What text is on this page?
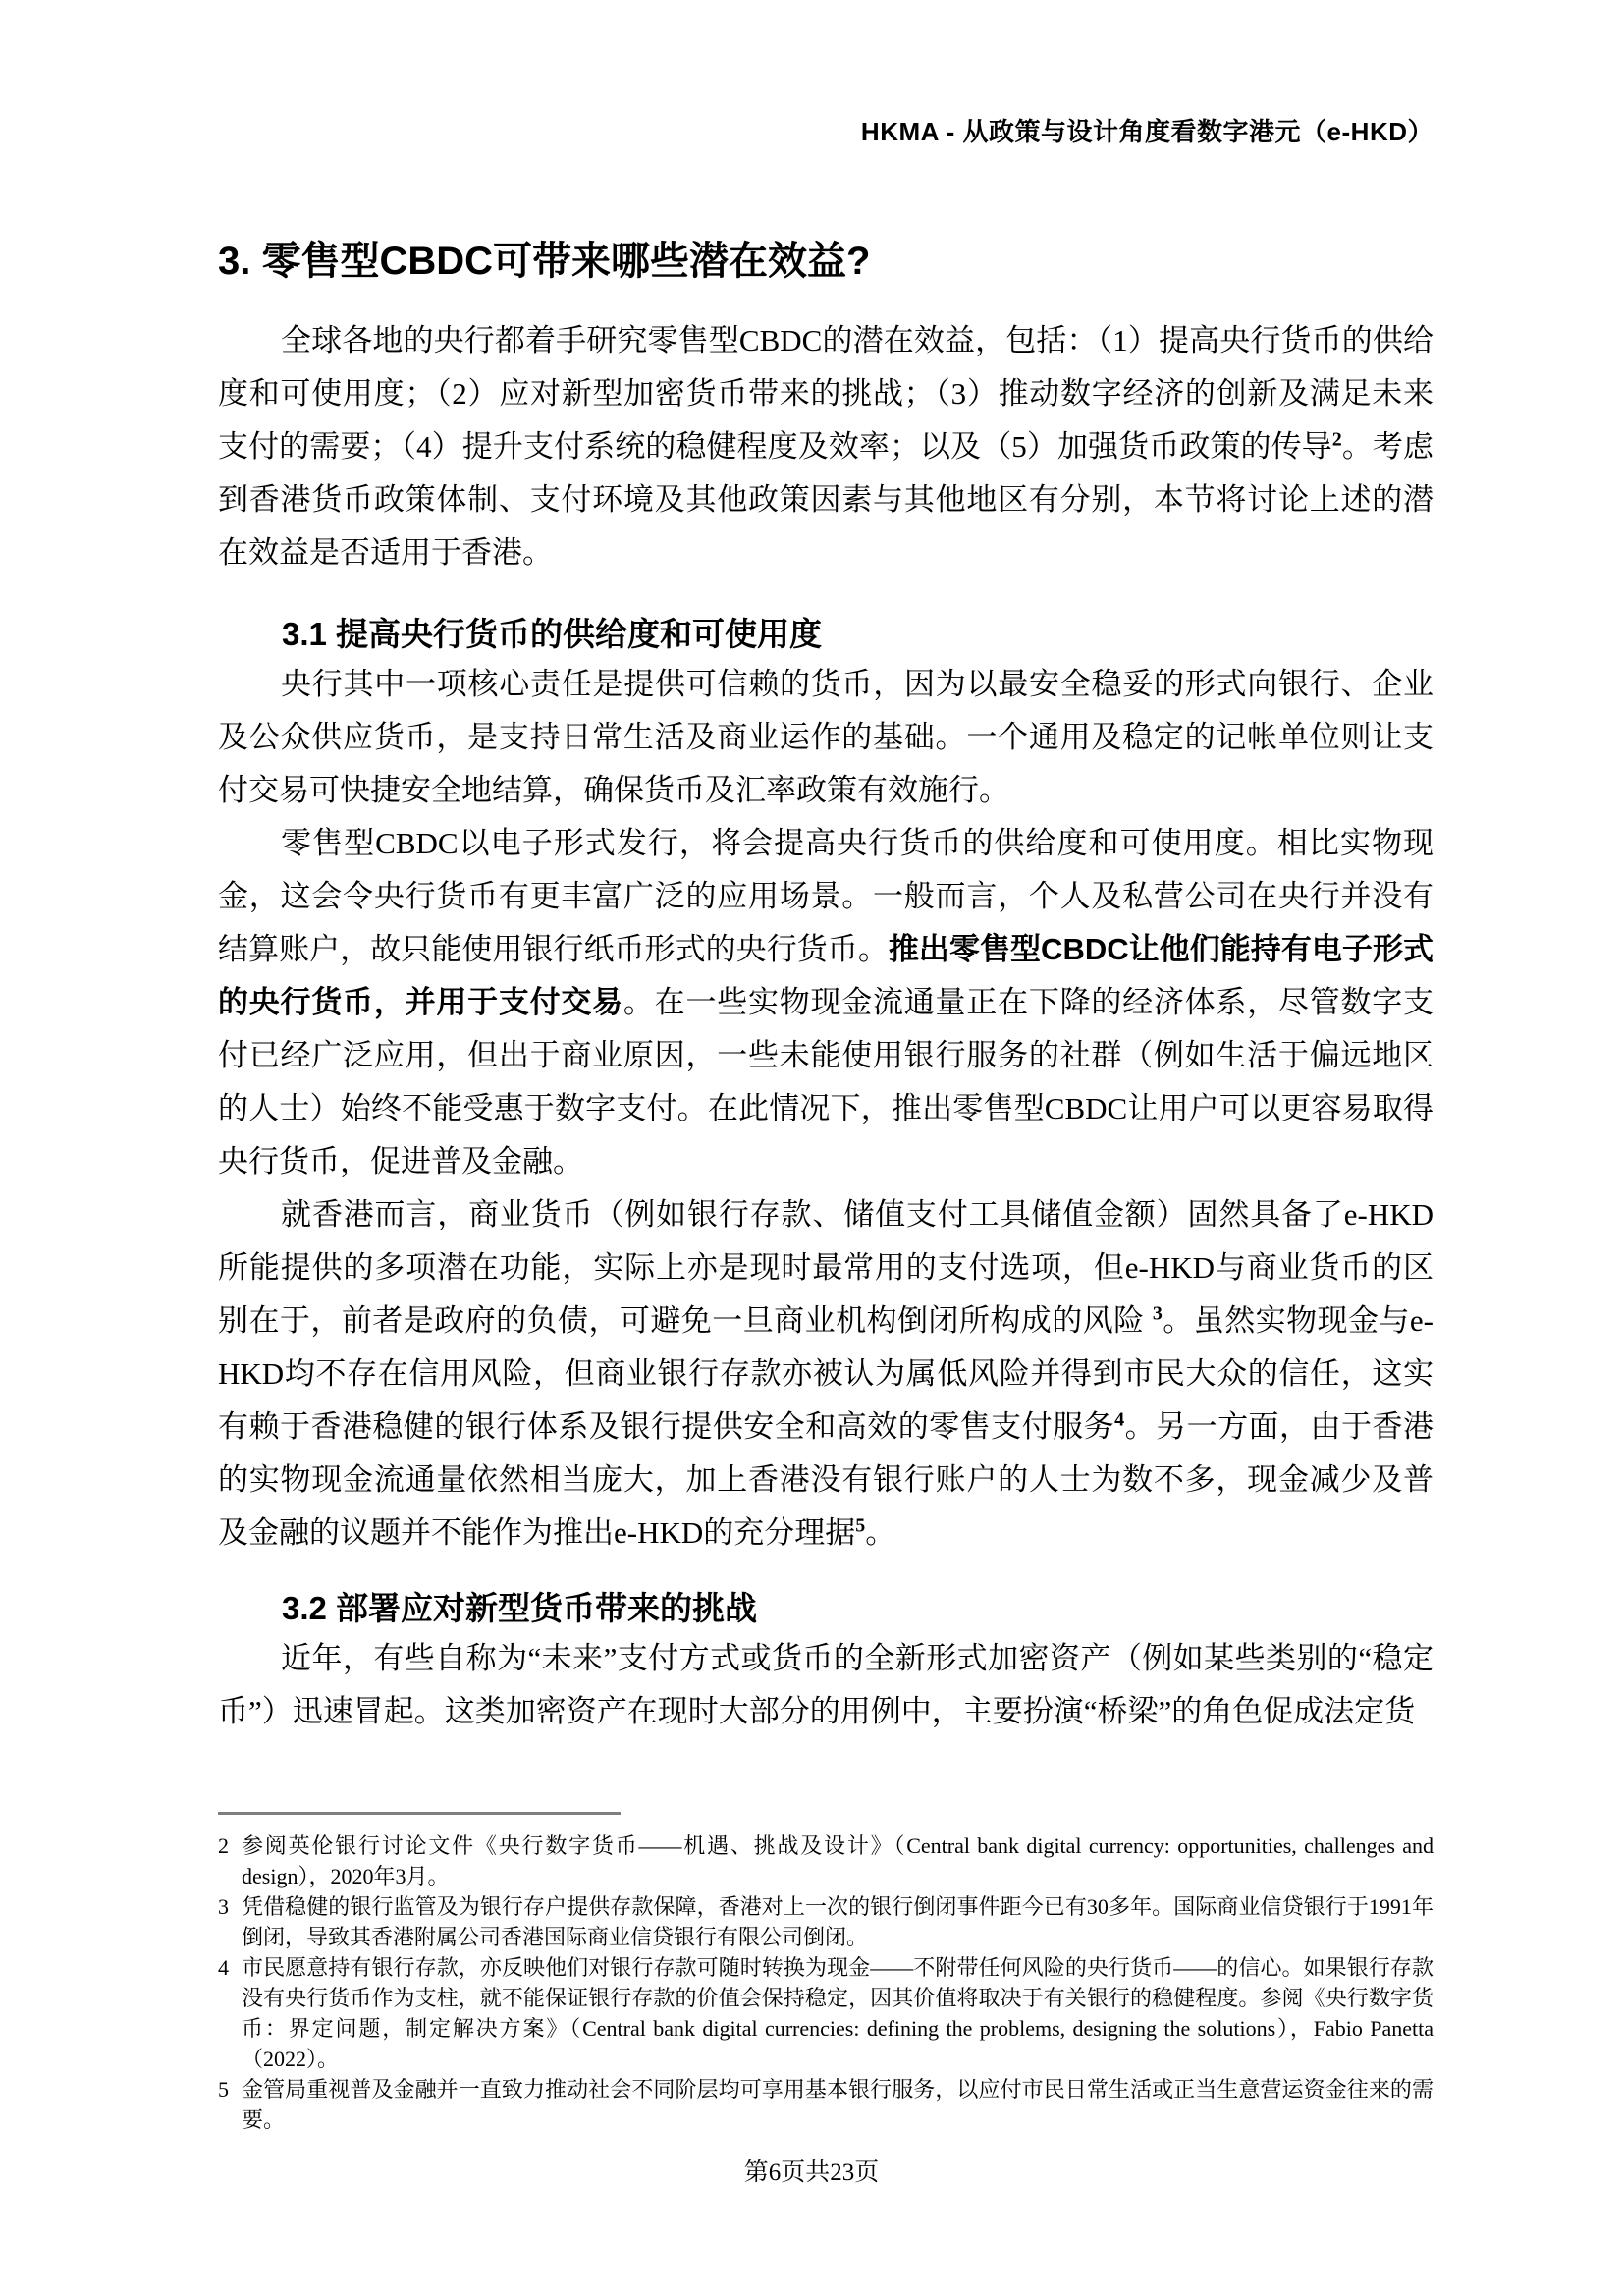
HKMA - 从政策与设计角度看数字港元（e-HKD）
3. 零售型CBDC可带来哪些潜在效益?

全球各地的央行都着手研究零售型CBDC的潜在效益，包括：（1）提高央行货币的供给度和可使用度；（2）应对新型加密货币带来的挑战；（3）推动数字经济的创新及满足未来支付的需要；（4）提升支付系统的稳健程度及效率；以及（5）加强货币政策的传导$^2$。考虑到香港货币政策体制、支付环境及其他政策因素与其他地区有分别，本节将讨论上述的潜在效益是否适用于香港。

3.1 提高央行货币的供给度和可使用度

央行其中一项核心责任是提供可信赖的货币，因为以最安全稳妥的形式向银行、企业及公众供应货币，是支持日常生活及商业运作的基础。一个通用及稳定的记帐单位则让支付交易可快捷安全地结算，确保货币及汇率政策有效施行。

零售型CBDC以电子形式发行，将会提高央行货币的供给度和可使用度。相比实物现金，这会令央行货币有更丰富广泛的应用场景。一般而言，个人及私营公司在央行并没有结算账户，故只能使用银行纸币形式的央行货币。推出零售型CBDC让他们能持有电子形式的央行货币，并用于支付交易。在一些实物现金流通量正在下降的经济体系，尽管数字支付已经广泛应用，但出于商业原因，一些未能使用银行服务的社群（例如生活于偏远地区的人士）始终不能受惠于数字支付。在此情况下，推出零售型CBDC让用户可以更容易取得央行货币，促进普及金融。

就香港而言，商业货币（例如银行存款、储值支付工具储值金额）固然具备了e-HKD所能提供的多项潜在功能，实际上亦是现时最常用的支付选项，但e-HKD与商业货币的区别在于，前者是政府的负债，可避免一旦商业机构倒闭所构成的风险 $^3$。虽然实物现金与e-HKD均不存在信用风险，但商业银行存款亦被认为属低风险并得到市民大众的信任，这实有赖于香港稳健的银行体系及银行提供安全和高效的零售支付服务$^4$。另一方面，由于香港的实物现金流通量依然相当庞大，加上香港没有银行账户的人士为数不多，现金减少及普及金融的议题并不能作为推出e-HKD的充分理据$^5$。

3.2 部署应对新型货币带来的挑战

近年，有些自称为“未来”支付方式或货币的全新形式加密资产（例如某些类别的“稳定币”）迅速冒起。这类加密资产在现时大部分的用例中，主要扮演“桥梁”的角色促成法定货

2 参阅英伦银行讨论文件《央行数字货币——机遇、挑战及设计》（Central bank digital currency: opportunities, challenges and design），2020年3月。
3 凭借稳健的银行监管及为银行存户提供存款保障，香港对上一次的银行倒闭事件距今已有30多年。国际商业信贷银行于1991年倒闭，导致其香港附属公司香港国际商业信贷银行有限公司倒闭。
4 市民愿意持有银行存款，亦反映他们对银行存款可随时转换为现金——不附带任何风险的央行货币——的信心。如果银行存款没有央行货币作为支柱，就不能保证银行存款的价值会保持稳定，因其价值将取决于有关银行的稳健程度。参阅《央行数字货币：界定问题，制定解决方案》（Central bank digital currencies: defining the problems, designing the solutions），Fabio Panetta（2022）。
5 金管局重视普及金融并一直致力推动社会不同阶层均可享用基本银行服务，以应付市民日常生活或正当生意营运资金往来的需要。
第6页共23页
